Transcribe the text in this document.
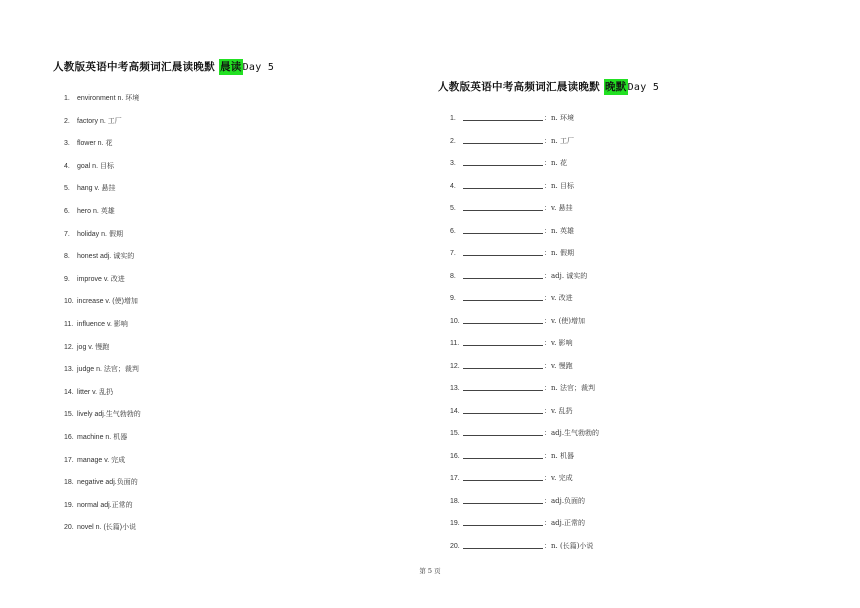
人教版英语中考高频词汇晨读晚默 晨读Day 5
1. environment n. 环境
2. factory n. 工厂
3. flower n. 花
4. goal n. 目标
5. hang v. 悬挂
6. hero n. 英雄
7. holiday n. 假期
8. honest adj. 诚实的
9. improve v. 改进
10. increase v. (使)增加
11. influence v. 影响
12. jog v. 慢跑
13. judge n. 法官；裁判
14. litter v. 乱扔
15. lively adj.生气勃勃的
16. machine n. 机器
17. manage v. 完成
18. negative adj.负面的
19. normal adj.正常的
20. novel n. (长篇)小说
人教版英语中考高频词汇晨读晚默 晚默Day 5
1.	：n. 环境
2.	：n. 工厂
3.	：n. 花
4.	：n. 目标
5.	：v. 悬挂
6.	：n. 英雄
7.	：n. 假期
8.	：adj. 诚实的
9.	：v. 改进
10.	：v. (使)增加
11.	：v. 影响
12.	：v. 慢跑
13.	：n. 法官；裁判
14.	：v. 乱扔
15.	：adj.生气勃勃的
16.	：n. 机器
17.	：v. 完成
18.	：adj.负面的
19.	：adj.正常的
20.	：n. (长篇)小说
第 5 页
